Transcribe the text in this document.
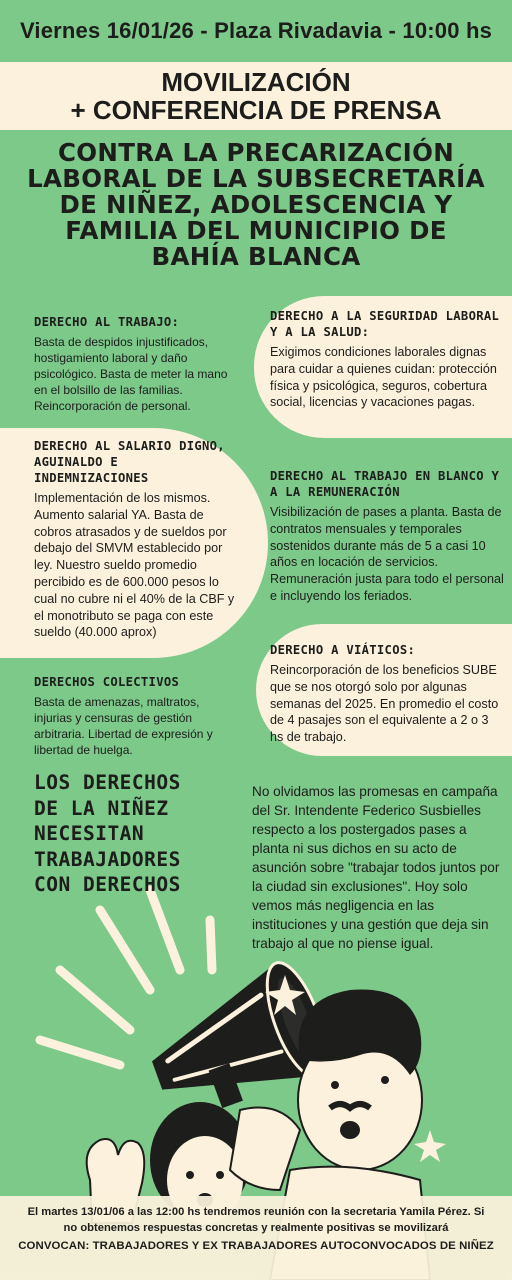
Viernes 16/01/26 - Plaza Rivadavia - 10:00 hs
MOVILIZACIÓN
+ CONFERENCIA DE PRENSA
CONTRA LA PRECARIZACIÓN
LABORAL DE LA SUBSECRETARÍA
DE NIÑEZ, ADOLESCENCIA Y
FAMILIA DEL MUNICIPIO DE
BAHÍA BLANCA
DERECHO AL TRABAJO:
Basta de despidos injustificados, hostigamiento laboral y daño psicológico. Basta de meter la mano en el bolsillo de las familias. Reincorporación de personal.
DERECHO A LA SEGURIDAD LABORAL Y A LA SALUD:
Exigimos condiciones laborales dignas para cuidar a quienes cuidan: protección física y psicológica, seguros, cobertura social, licencias y vacaciones pagas.
DERECHO AL SALARIO DIGNO, AGUINALDO E INDEMNIZACIONES
Implementación de los mismos. Aumento salarial YA. Basta de cobros atrasados y de sueldos por debajo del SMVM establecido por ley. Nuestro sueldo promedio percibido es de 600.000 pesos lo cual no cubre ni el 40% de la CBF y el monotributo se paga con este sueldo (40.000 aprox)
DERECHO AL TRABAJO EN BLANCO Y A LA REMUNERACIÓN
Visibilización de pases a planta. Basta de contratos mensuales y temporales sostenidos durante más de 5 a casi 10 años en locación de servicios. Remuneración justa para todo el personal e incluyendo los feriados.
DERECHO A VIÁTICOS:
Reincorporación de los beneficios SUBE que se nos otorgó solo por algunas semanas del 2025. En promedio el costo de 4 pasajes son el equivalente a 2 o 3 hs de trabajo.
DERECHOS COLECTIVOS
Basta de amenazas, maltratos, injurias y censuras de gestión arbitraria. Libertad de expresión y libertad de huelga.
LOS DERECHOS
DE LA NIÑEZ
NECESITAN
TRABAJADORES
CON DERECHOS
No olvidamos las promesas en campaña del Sr. Intendente Federico Susbielles respecto a los postergados pases a planta ni sus dichos en su acto de asunción sobre "trabajar todos juntos por la ciudad sin exclusiones". Hoy solo vemos más negligencia en las instituciones y una gestión que deja sin trabajo al que no piense igual.
El martes 13/01/06 a las 12:00 hs tendremos reunión con la secretaria Yamila Pérez. Si no obtenemos respuestas concretas y realmente positivas se movilizará
CONVOCAN: TRABAJADORES Y EX TRABAJADORES AUTOCONVOCADOS DE NIÑEZ
